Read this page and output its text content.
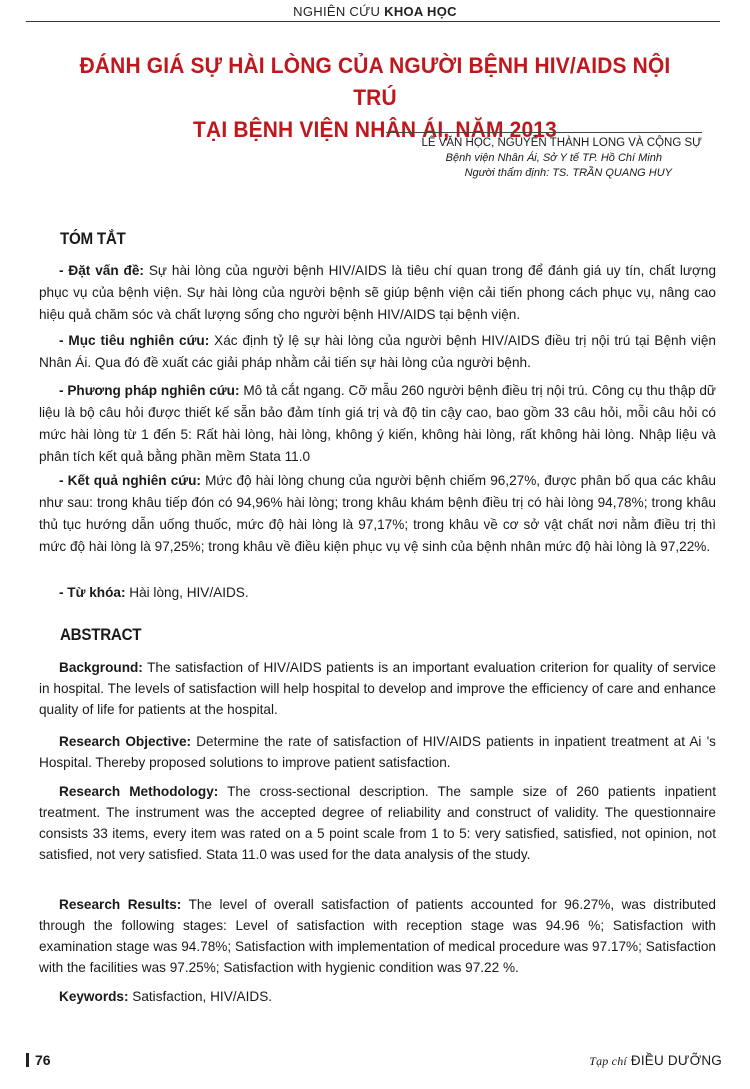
NGHIÊN CỨU KHOA HỌC
ĐÁNH GIÁ SỰ HÀI LÒNG CỦA NGƯỜI BỆNH HIV/AIDS NỘI TRÚ
TẠI BỆNH VIỆN NHÂN ÁI, NĂM 2013
LÊ VĂN HỌC, NGUYỄN THÀNH LONG VÀ CỘNG SỰ
Bệnh viện Nhân Ái, Sở Y tế TP. Hồ Chí Minh
Người thẩm định: TS. TRẦN QUANG HUY
TÓM TẮT
- Đặt vấn đề: Sự hài lòng của người bệnh HIV/AIDS là tiêu chí quan trong để đánh giá uy tín, chất lượng phục vụ của bệnh viện. Sự hài lòng của người bệnh sẽ giúp bệnh viện cải tiến phong cách phục vụ, nâng cao hiệu quả chăm sóc và chất lượng sống cho người bệnh HIV/AIDS tại bệnh viện.
- Mục tiêu nghiên cứu: Xác định tỷ lệ sự hài lòng của người bệnh HIV/AIDS điều trị nội trú tại Bệnh viện Nhân Ái. Qua đó đề xuất các giải pháp nhằm cải tiến sự hài lòng của người bệnh.
- Phương pháp nghiên cứu: Mô tả cắt ngang. Cỡ mẫu 260 người bệnh điều trị nội trú. Công cụ thu thập dữ liệu là bộ câu hỏi được thiết kế sẵn bảo đảm tính giá trị và độ tin cậy cao, bao gồm 33 câu hỏi, mỗi câu hỏi có mức hài lòng từ 1 đến 5: Rất hài lòng, hài lòng, không ý kiến, không hài lòng, rất không hài lòng. Nhập liệu và phân tích kết quả bằng phần mềm Stata 11.0
- Kết quả nghiên cứu: Mức độ hài lòng chung của người bệnh chiếm 96,27%, được phân bố qua các khâu như sau: trong khâu tiếp đón có 94,96% hài lòng; trong khâu khám bệnh điều trị có hài lòng 94,78%; trong khâu thủ tục hướng dẫn uống thuốc, mức độ hài lòng là 97,17%; trong khâu về cơ sở vật chất nơi nằm điều trị thì mức độ hài lòng là 97,25%; trong khâu về điều kiện phục vụ vệ sinh của bệnh nhân mức độ hài lòng là 97,22%.
- Từ khóa: Hài lòng, HIV/AIDS.
ABSTRACT
Background: The satisfaction of HIV/AIDS patients is an important evaluation criterion for quality of service in hospital. The levels of satisfaction will help hospital to develop and improve the efficiency of care and enhance quality of life for patients at the hospital.
Research Objective: Determine the rate of satisfaction of HIV/AIDS patients in inpatient treatment at Ai 's Hospital. Thereby proposed solutions to improve patient satisfaction.
Research Methodology: The cross-sectional description. The sample size of 260 patients inpatient treatment. The instrument was the accepted degree of reliability and construct of validity. The questionnaire consists 33 items, every item was rated on a 5 point scale from 1 to 5: very satisfied, satisfied, not opinion, not satisfied, not very satisfied. Stata 11.0 was used for the data analysis of the study.
Research Results: The level of overall satisfaction of patients accounted for 96.27%, was distributed through the following stages: Level of satisfaction with reception stage was 94.96 %; Satisfaction with examination stage was 94.78%; Satisfaction with implementation of medical procedure was 97.17%; Satisfaction with the facilities was 97.25%; Satisfaction with hygienic condition was 97.22 %.
Keywords: Satisfaction, HIV/AIDS.
76	Tạp chí ĐIỀU DƯỠNG
